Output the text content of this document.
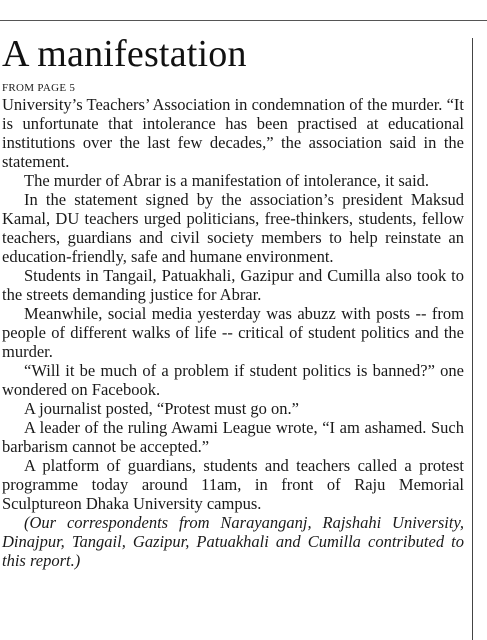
A manifestation
FROM PAGE 5

University’s Teachers’ Association in condemnation of the murder. “It is unfortunate that intolerance has been practised at educational institutions over the last few decades,” the association said in the statement.

The murder of Abrar is a manifestation of intolerance, it said.

In the statement signed by the association’s president Maksud Kamal, DU teachers urged politicians, free-thinkers, students, fellow teachers, guardians and civil society members to help reinstate an education-friendly, safe and humane environment.

Students in Tangail, Patuakhali, Gazipur and Cumilla also took to the streets demanding justice for Abrar.

Meanwhile, social media yesterday was abuzz with posts -- from people of different walks of life -- critical of student politics and the murder.

“Will it be much of a problem if student politics is banned?” one wondered on Facebook.

A journalist posted, “Protest must go on.”

A leader of the ruling Awami League wrote, “I am ashamed. Such barbarism cannot be accepted.”

A platform of guardians, students and teachers called a protest programme today around 11am, in front of Raju Memorial Sculptureon Dhaka University campus.

(Our correspondents from Narayanganj, Rajshahi University, Dinajpur, Tangail, Gazipur, Patuakhali and Cumilla contributed to this report.)
